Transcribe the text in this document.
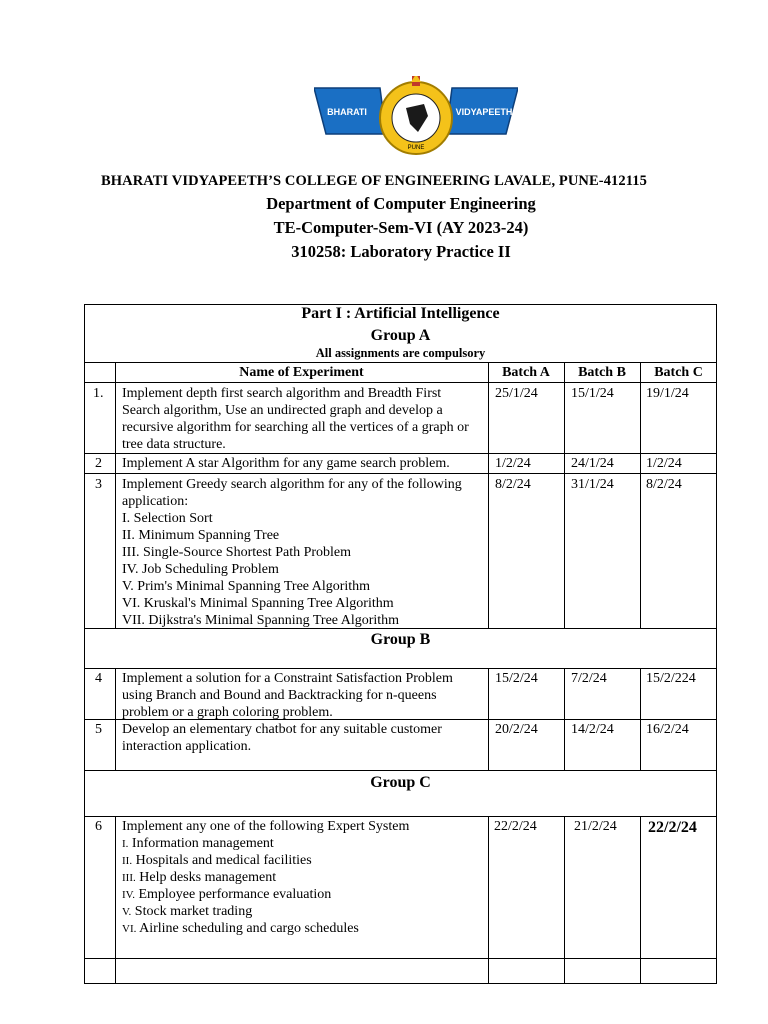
BHARATI	VIDYAPEETH
PUNE
BHARATI VIDYAPEETH’S COLLEGE OF ENGINEERING LAVALE, PUNE-412115
Department of Computer Engineering
TE-Computer-Sem-VI (AY 2023-24)
310258: Laboratory Practice II
Part I : Artificial Intelligence
Group A
All assignments are compulsory
Name of Experiment	Batch A	Batch B	Batch C
1. Implement depth first search algorithm and Breadth First
Search algorithm, Use an undirected graph and develop a
recursive algorithm for searching all the vertices of a graph or
tree data structure.
25/1/24 15/1/24 19/1/24
2 Implement A star Algorithm for any game search problem.	1/2/24	24/1/24 1/2/24
3 Implement Greedy search algorithm for any of the following
application:
I. Selection Sort
II. Minimum Spanning Tree
III. Single-Source Shortest Path Problem
IV. Job Scheduling Problem
V. Prim's Minimal Spanning Tree Algorithm
VI. Kruskal's Minimal Spanning Tree Algorithm
VII. Dijkstra's Minimal Spanning Tree Algorithm
8/2/24	31/1/24 8/2/24
Group B
4 Implement a solution for a Constraint Satisfaction Problem
using Branch and Bound and Backtracking for n-queens
problem or a graph coloring problem.
15/2/24 7/2/24	15/2/224
5 Develop an elementary chatbot for any suitable customer
interaction application.
20/2/24 14/2/24 16/2/24
Group C
6 Implement any one of the following Expert System
I. Information management
II. Hospitals and medical facilities
III. Help desks management
IV. Employee performance evaluation
V. Stock market trading
VI. Airline scheduling and cargo schedules
22/2/24	21/2/24 22/2/24
